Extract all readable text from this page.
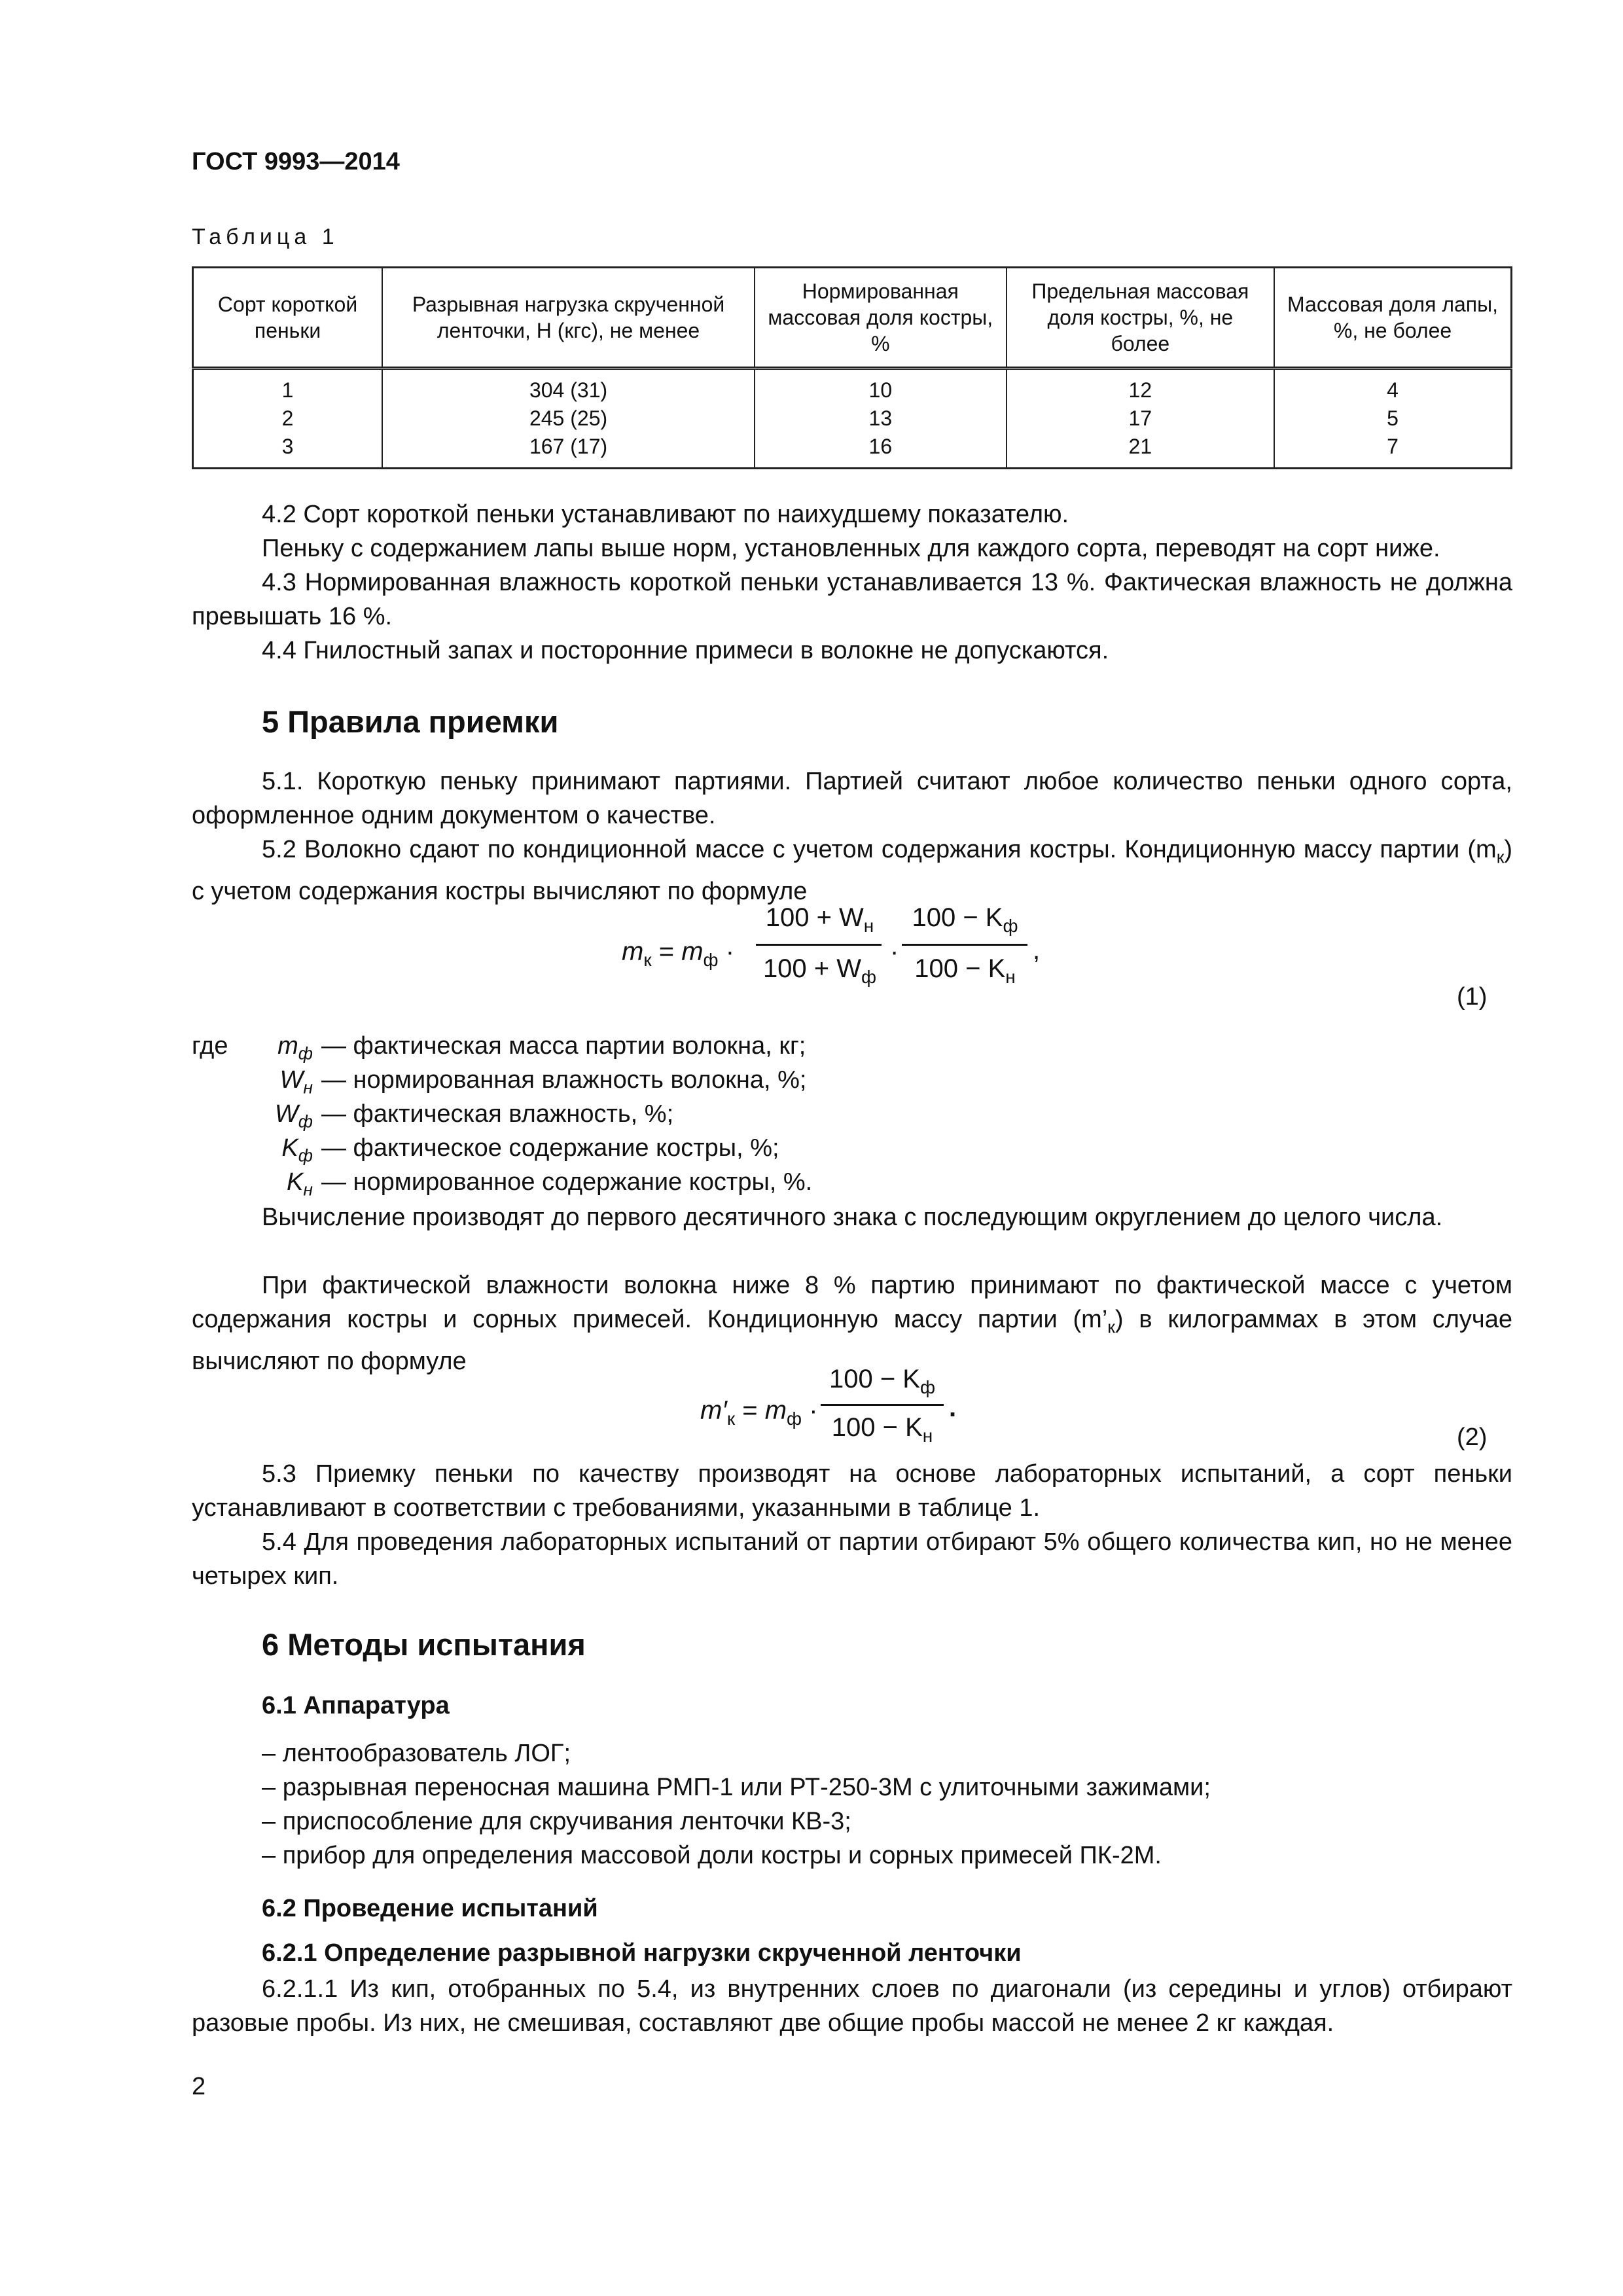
ГОСТ 9993—2014
Таблица 1
Сорт короткой пеньки	Разрывная нагрузка скрученной ленточки, Н (кгс), не менее	Нормированная массовая доля костры, %	Предельная массовая доля костры, %, не более	Массовая доля лапы, %, не более
1	304 (31)	10	12	4
2	245 (25)	13	17	5
3	167 (17)	16	21	7
4.2 Сорт короткой пеньки устанавливают по наихудшему показателю.
Пеньку с содержанием лапы выше норм, установленных для каждого сорта, переводят на сорт ниже.
4.3 Нормированная влажность короткой пеньки устанавливается 13 %. Фактическая влажность не должна превышать 16 %.
4.4 Гнилостный запах и посторонние примеси в волокне не допускаются.
5 Правила приемки
5.1. Короткую пеньку принимают партиями. Партией считают любое количество пеньки одного сорта, оформленное одним документом о качестве.
5.2 Волокно сдают по кондиционной массе с учетом содержания костры. Кондиционную массу партии $(m_к)$ с учетом содержания костры вычисляют по формуле
$m_к = m_ф$ ·
$100 + W_н$
$100 + W_ф$
·
$100 - K_ф$
$100 - K_н$
,
(1)
где	$m_ф$ — фактическая масса партии волокна, кг;
$W_н$ — нормированная влажность волокна, %;
$W_ф$ — фактическая влажность, %;
$K_ф$ — фактическое содержание костры, %;
$K_н$ — нормированное содержание костры, %.
Вычисление производят до первого десятичного знака с последующим округлением до целого числа.
При фактической влажности волокна ниже 8 % партию принимают по фактической массе с учетом содержания костры и сорных примесей. Кондиционную массу партии $(m’_к)$ в килограммах в этом случае вычисляют по формуле
$m'_к = m_ф$ ·
$100 - K_ф$
$100 - K_н$
.
(2)
5.3 Приемку пеньки по качеству производят на основе лабораторных испытаний, а сорт пеньки устанавливают в соответствии с требованиями, указанными в таблице 1.
5.4 Для проведения лабораторных испытаний от партии отбирают 5% общего количества кип, но не менее четырех кип.
6 Методы испытания
6.1 Аппаратура
– лентообразователь ЛОГ;
– разрывная переносная машина РМП-1 или РТ-250-3М с улиточными зажимами;
– приспособление для скручивания ленточки КВ-3;
– прибор для определения массовой доли костры и сорных примесей ПК-2М.
6.2 Проведение испытаний
6.2.1 Определение разрывной нагрузки скрученной ленточки
6.2.1.1 Из кип, отобранных по 5.4, из внутренних слоев по диагонали (из середины и углов) отбирают разовые пробы. Из них, не смешивая, составляют две общие пробы массой не менее 2 кг каждая.
2
